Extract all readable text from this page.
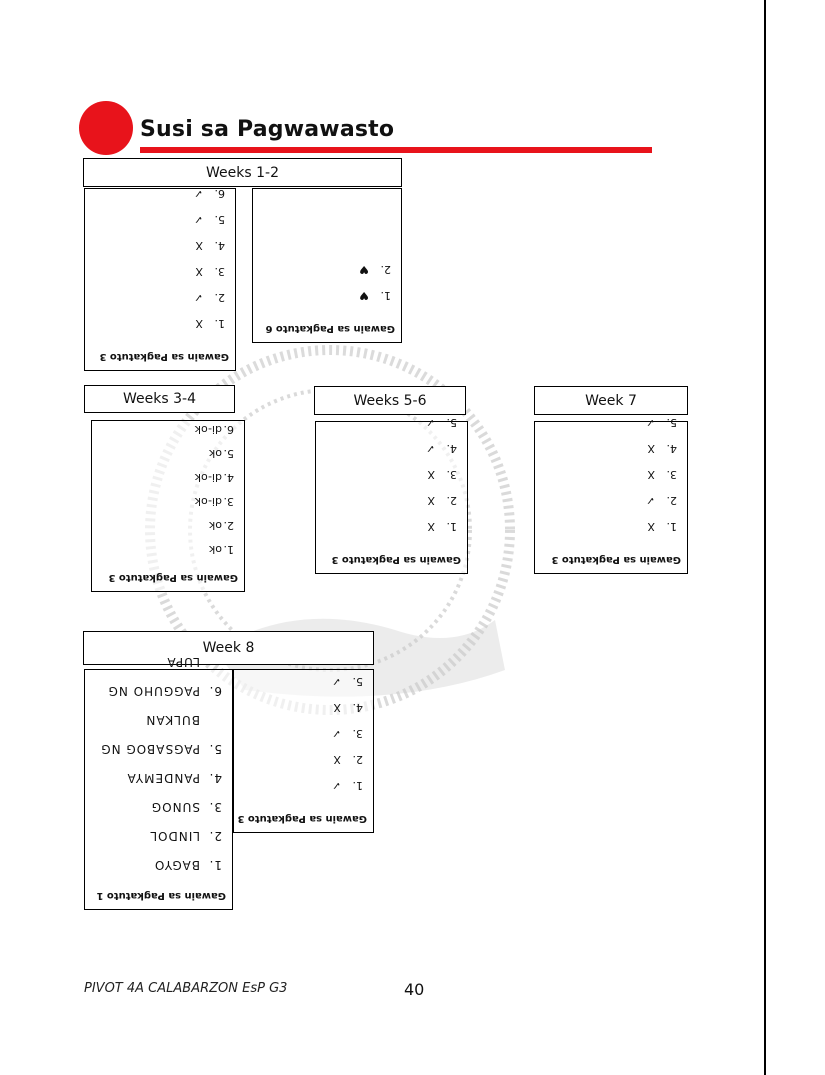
Susi sa Pagwawasto
Weeks 1-2
Gawain sa Pagkatuto 3
1.X
2.✓
3.X
4.X
5.✓
6.✓
Gawain sa Pagkatuto 6
1.♥
2.♥
Weeks 3-4
Gawain sa Pagkatuto 3
1.ok
2.ok
3.di-ok
4.di-ok
5.ok
6.di-ok
Weeks 5-6
Gawain sa Pagkatuto 3
1.X
2.X
3.X
4.✓
5.✓
Week 7
Gawain sa Pagkatuto 3
1.X
2.✓
3.X
4.X
5.✓
Week 8
Gawain sa Pagkatuto 1
1.BAGYO
2.LINDOL
3.SUNOG
4.PANDEMYA
5.PAGSABOG NG
BULKAN
6.PAGGUHO NG
LUPA
Gawain sa Pagkatuto 3
1.✓
2.X
3.✓
4.X
5.✓
PIVOT 4A CALABARZON EsP G3	40
